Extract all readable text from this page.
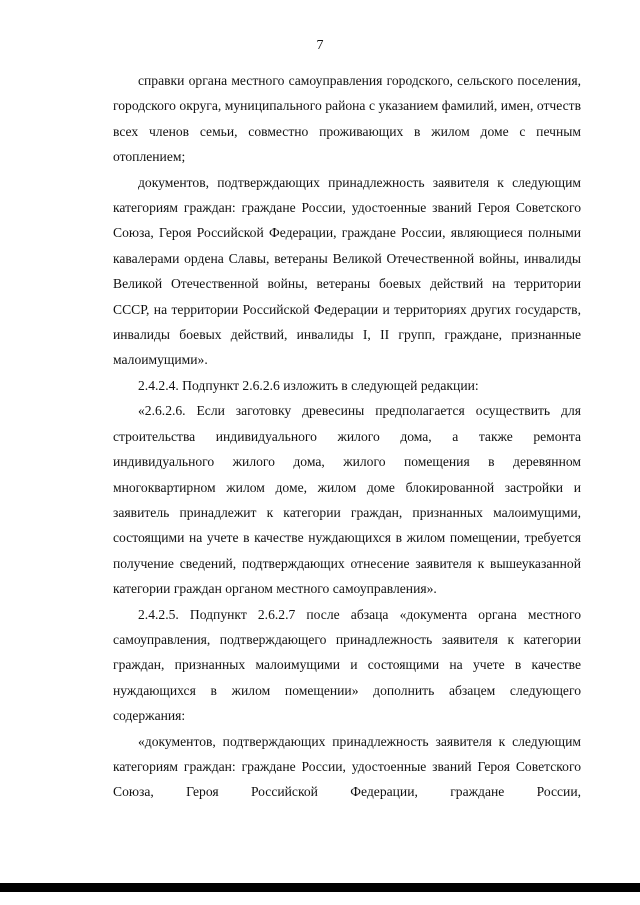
7

справки органа местного самоуправления городского, сельского поселения, городского округа, муниципального района с указанием фамилий, имен, отчеств всех членов семьи, совместно проживающих в жилом доме с печным отоплением;

документов, подтверждающих принадлежность заявителя к следующим категориям граждан: граждане России, удостоенные званий Героя Советского Союза, Героя Российской Федерации, граждане России, являющиеся полными кавалерами ордена Славы, ветераны Великой Отечественной войны, инвалиды Великой Отечественной войны, ветераны боевых действий на территории СССР, на территории Российской Федерации и территориях других государств, инвалиды боевых действий, инвалиды I, II групп, граждане, признанные малоимущими».

2.4.2.4. Подпункт 2.6.2.6 изложить в следующей редакции:

«2.6.2.6. Если заготовку древесины предполагается осуществить для строительства индивидуального жилого дома, а также ремонта индивидуального жилого дома, жилого помещения в деревянном многоквартирном жилом доме, жилом доме блокированной застройки и заявитель принадлежит к категории граждан, признанных малоимущими, состоящими на учете в качестве нуждающихся в жилом помещении, требуется получение сведений, подтверждающих отнесение заявителя к вышеуказанной категории граждан органом местного самоуправления».

2.4.2.5. Подпункт 2.6.2.7 после абзаца «документа органа местного самоуправления, подтверждающего принадлежность заявителя к категории граждан, признанных малоимущими и состоящими на учете в качестве нуждающихся в жилом помещении» дополнить абзацем следующего содержания:

«документов, подтверждающих принадлежность заявителя к следующим категориям граждан: граждане России, удостоенные званий Героя Советского Союза, Героя Российской Федерации, граждане России,
